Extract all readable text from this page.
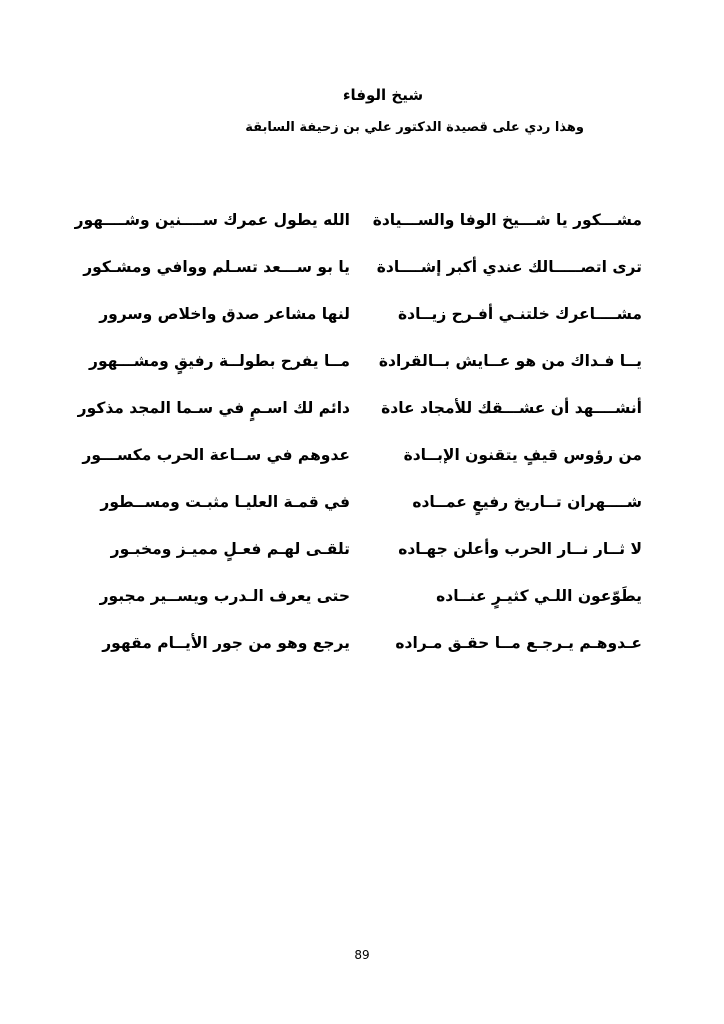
شيخ الوفاء
وهذا ردي على قصيدة الدكتور علي بن زحيفة السابقة
مشـــكور يا شـــيخ الوفا والســـيادة
الله يطول عمرك ســــنين وشــــهور
ترى اتصـــــالك عندي أكبر إشــــادة
يا بو ســـعد تسـلم ووافي ومشـكور
مشــــاعرك خلتنـي أفـرح زيــادة
لنها مشاعر صدق واخلاص وسرور
يــا فـداك من هو عــايش بــالقرادة
مــا يفرح بطولــة رفيقٍ ومشـــهور
أنشــــهد أن عشـــقك للأمجاد عادة
دائم لك اسـمٍ في سـما المجد مذكور
من رؤوس قيفٍ يتقنون الإبــادة
عدوهم في ســاعة الحرب مكســـور
شــــهران تــاريخ رفيعٍ عمــاده
في قمـة العليـا مثبـت ومســطور
لا ثــار نــار الحرب وأعلن جهـاده
تلقـى لهـم فعـلٍ مميـز ومخبـور
يطَوّعون اللـي كثيـرٍ عنــاده
حتى يعرف الـدرب ويســير مجبور
عـدوهـم يـرجـع مــا حقـق مـراده
يرجع وهو من جور الأيــام مقهور
89
